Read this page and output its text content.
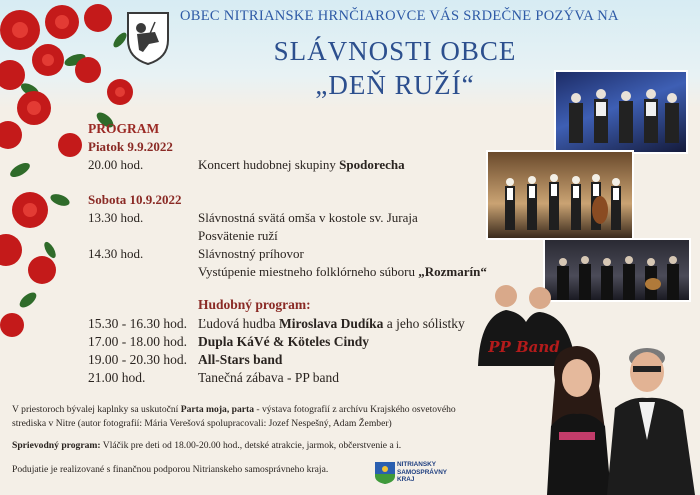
OBEC NITRIANSKE HRNČIAROVCE VÁS SRDEČNE POZÝVA NA
SLÁVNOSTI OBCE
„DEŇ RUŽÍ“
PROGRAM
Piatok 9.9.2022
20.00 hod.	Koncert hudobnej skupiny Spodorecha
Sobota 10.9.2022
13.30 hod.	Slávnostná svätá omša v kostole sv. Juraja
Posvätenie ruží
14.30 hod.	Slávnostný príhovor
Vystúpenie miestneho folklórneho súboru „Rozmarín“
Hudobný program:
15.30 - 16.30 hod. Ľudová hudba Miroslava Dudíka a jeho sólistky
17.00 - 18.00 hod. Dupla KáVé & Köteles Cindy
19.00 - 20.30 hod. All-Stars band
21.00 hod.	Tanečná zábava - PP band
V priestoroch bývalej kaplnky sa uskutoční Parta moja, parta - výstava fotografií z archívu Krajského osvetového
strediska v Nitre (autor fotografií: Mária Verešová spolupracovali: Jozef Nespešný, Adam Žember)
Sprievodný program: Vláčik pre deti od 18.00-20.00 hod., detské atrakcie, jarmok, občerstvenie a i.
Podujatie je realizované s finančnou podporou Nitrianskeho samosprávneho kraja.	NITRIANSKY
SAMOSPRÁVNY
KRAJ
PP Band
